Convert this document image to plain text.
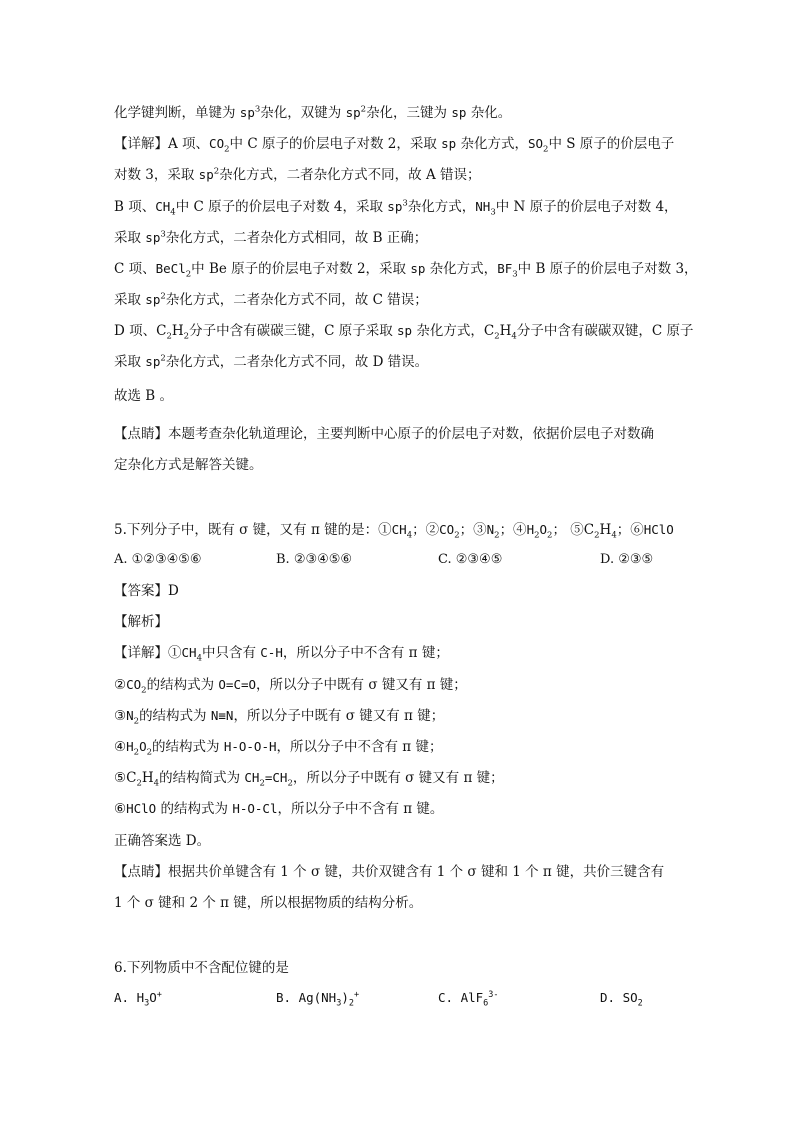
化学键判断，单键为 $sp^3$杂化，双键为 $sp^2$杂化，三键为 sp 杂化。
【详解】A 项、$CO_2$中 C 原子的价层电子对数 2，采取 sp 杂化方式，$SO_2$中 S 原子的价层电子
对数 3，采取 $sp^2$杂化方式，二者杂化方式不同，故 A 错误；
B 项、$CH_4$中 C 原子的价层电子对数 4，采取 $sp^3$杂化方式，$NH_3$中 N 原子的价层电子对数 4，
采取 $sp^3$杂化方式，二者杂化方式相同，故 B 正确；
C 项、BeCl$_2$中 Be 原子的价层电子对数 2，采取 sp 杂化方式，$BF_3$中 B 原子的价层电子对数 3，
采取 $sp^2$杂化方式，二者杂化方式不同，故 C 错误；
D 项、$C_2H_2$分子中含有碳碳三键，C 原子采取 sp 杂化方式，$C_2H_4$分子中含有碳碳双键，C 原子
采取 $sp^2$杂化方式，二者杂化方式不同，故 D 错误。
故选 B 。
【点睛】本题考查杂化轨道理论，主要判断中心原子的价层电子对数，依据价层电子对数确
定杂化方式是解答关键。
5.下列分子中，既有 σ 键，又有 π 键的是：$①CH_4$；$②CO_2$；$③N_2$；$④H_2O_2$； $⑤C_2H_4$；⑥HClO
A. ①②③④⑤⑥	B. ②③④⑤⑥	C. ②③④⑤	D. ②③⑤
【答案】D
【解析】
【详解】$①CH_4$中只含有 C-H，所以分子中不含有 π 键；
$②CO_2$的结构式为 O=C=O，所以分子中既有 σ 键又有 π 键；
$③N_2$的结构式为 N≡N，所以分子中既有 σ 键又有 π 键；
$④H_2O_2$的结构式为 H-O-O-H，所以分子中不含有 π 键；
$⑤C_2H_4$的结构简式为 $CH_2=CH_2$，所以分子中既有 σ 键又有 π 键；
⑥HClO 的结构式为 H-O-Cl，所以分子中不含有 π 键。
正确答案选 D。
【点睛】根据共价单键含有 1 个 σ 键，共价双键含有 1 个 σ 键和 1 个 π 键，共价三键含有
1 个 σ 键和 2 个 π 键，所以根据物质的结构分析。
6.下列物质中不含配位键的是
A. $H_3O^+$	B. $Ag(NH_3)_2^+$	C. AlF$_6^{3-}$	D. $SO_2$
